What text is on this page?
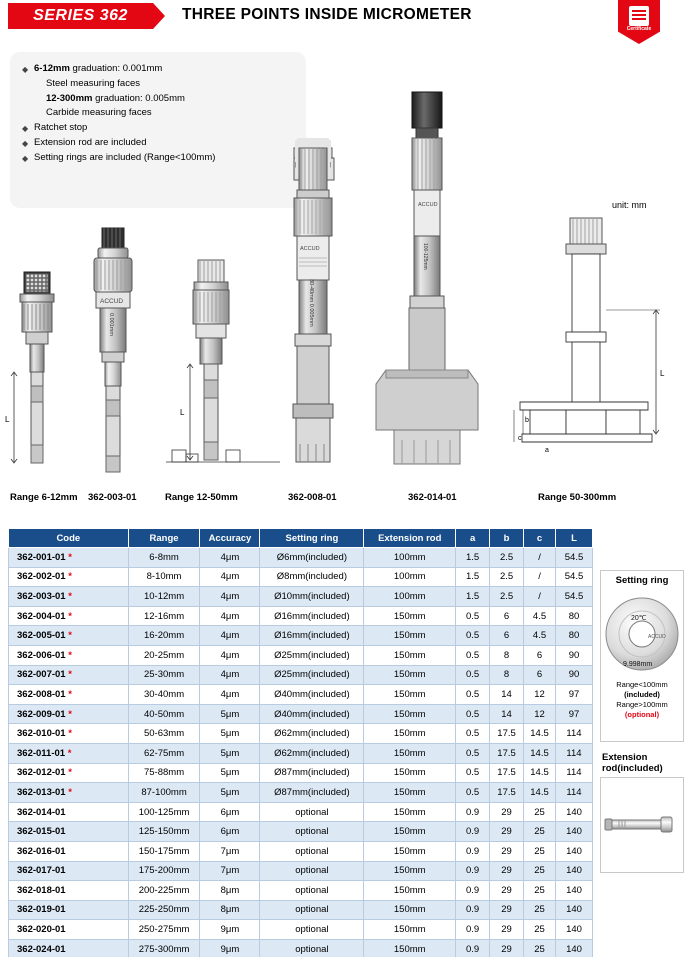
SERIES 362	THREE POINTS INSIDE MICROMETER
Certificate
◆ 6-12mm graduation: 0.001mm
Steel measuring faces
12-300mm graduation: 0.005mm
Carbide measuring faces
◆ Ratchet stop
◆ Extension rod are included
◆ Setting rings are included (Range<100mm)
unit: mm
L
ACCUD
0.001mm
L
ACCUD
30-40mm 0.005mm
ACCUD
100-125mm
L
b
c
a
Range 6-12mm 362-003-01	Range 12-50mm	362-008-01	362-014-01	Range 50-300mm
Code	Range	Accuracy	Setting ring	Extension rod	a	b	c	L
362-001-01 *	6-8mm	4μm	Ø6mm(included)	100mm	1.5	2.5	/	54.5
362-002-01 *	8-10mm	4μm	Ø8mm(included)	100mm	1.5	2.5	/	54.5
362-003-01 *	10-12mm	4μm	Ø10mm(included)	100mm	1.5	2.5	/	54.5
362-004-01 *	12-16mm	4μm	Ø16mm(included)	150mm	0.5	6	4.5	80
362-005-01 *	16-20mm	4μm	Ø16mm(included)	150mm	0.5	6	4.5	80
362-006-01 *	20-25mm	4μm	Ø25mm(included)	150mm	0.5	8	6	90
362-007-01 *	25-30mm	4μm	Ø25mm(included)	150mm	0.5	8	6	90
362-008-01 *	30-40mm	4μm	Ø40mm(included)	150mm	0.5	14	12	97
362-009-01 *	40-50mm	5μm	Ø40mm(included)	150mm	0.5	14	12	97
362-010-01 *	50-63mm	5μm	Ø62mm(included)	150mm	0.5	17.5	14.5	114
362-011-01 *	62-75mm	5μm	Ø62mm(included)	150mm	0.5	17.5	14.5	114
362-012-01 *	75-88mm	5μm	Ø87mm(included)	150mm	0.5	17.5	14.5	114
362-013-01 *	87-100mm	5μm	Ø87mm(included)	150mm	0.5	17.5	14.5	114
362-014-01	100-125mm	6μm	optional	150mm	0.9	29	25	140
362-015-01	125-150mm	6μm	optional	150mm	0.9	29	25	140
362-016-01	150-175mm	7μm	optional	150mm	0.9	29	25	140
362-017-01	175-200mm	7μm	optional	150mm	0.9	29	25	140
362-018-01	200-225mm	8μm	optional	150mm	0.9	29	25	140
362-019-01	225-250mm	8μm	optional	150mm	0.9	29	25	140
362-020-01	250-275mm	9μm	optional	150mm	0.9	29	25	140
362-024-01	275-300mm	9μm	optional	150mm	0.9	29	25	140
Setting ring
20℃
ACCUD
9.998mm
Range<100mm (included)
Range>100mm (optional)
Extension rod(included)
